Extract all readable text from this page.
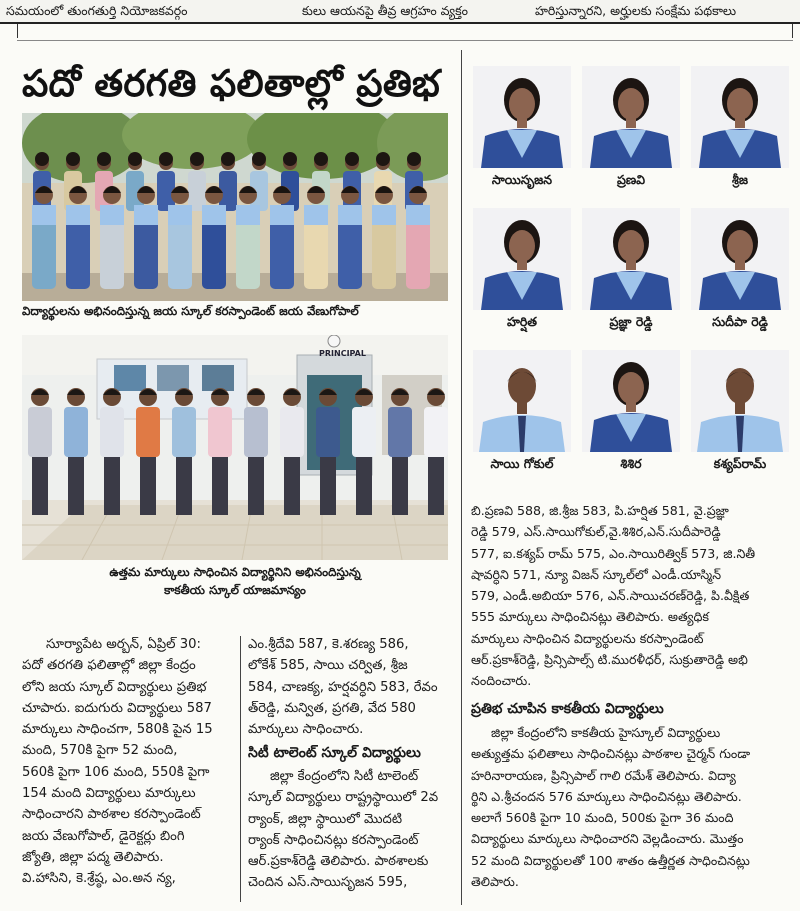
సమయంలో తుంగతుర్తి నియోజకవర్గం	కులు ఆయనపై తీవ్ర ఆగ్రహం వ్యక్తం	హరిస్తున్నారని, అర్హులకు సంక్షేమ పథకాలు
పదో తరగతి ఫలితాల్లో ప్రతిభ
విద్యార్థులను అభినందిస్తున్న జయ స్కూల్ కరస్పాండెంట్ జయ వేణుగోపాల్
PRINCIPAL
ఉత్తమ మార్కులు సాధించిన విద్యార్థినిని అభినందిస్తున్న
కాకతీయ స్కూల్ యాజమాన్యం
సూర్యాపేట అర్బన్, ఏప్రిల్ 30:
పదో తరగతి ఫలితాల్లో జిల్లా కేంద్రం
లోని జయ స్కూల్ విద్యార్థులు ప్రతిభ
చూపారు. ఐదుగురు విద్యార్థులు 587
మార్కులు సాధించగా, 580కి పైన 15
మంది, 570కి పైగా 52 మంది,
560కి పైగా 106 మంది, 550కి పైగా
154 మంది విద్యార్థులు మార్కులు
సాధించారని పాఠశాల కరస్పాండెంట్
జయ వేణుగోపాల్, డైరెక్టర్లు బింగి
జ్యోతి, జిల్లా పద్మ తెలిపారు.
వి.హాసిని, కె.శ్రేష్ఠ, ఎం.అన న్య,
ఎం.శ్రీదేవి 587, కె.శరణ్య 586,
లోకేశ్ 585, సాయి చర్విత, శ్రీజ
584, చాణక్య, హర్షవర్ధిని 583, రేవం
త్‌రెడ్డి, మన్విత, ప్రగతి, వేద 580
మార్కులు సాధించారు.
సిటీ టాలెంట్ స్కూల్ విద్యార్థులు
జిల్లా కేంద్రంలోని సిటీ టాలెంట్
స్కూల్ విద్యార్థులు రాష్ట్రస్థాయిలో 2వ
ర్యాంక్, జిల్లా స్థాయిలో మొదటి
ర్యాంక్ సాధించినట్లు కరస్పాండెంట్
ఆర్.ప్రకాశ్‌రెడ్డి తెలిపారు. పాఠశాలకు
చెందిన ఎస్.సాయిసృజన 595,
సాయిసృజన	ప్రణవి	శ్రీజ
హర్షిత	ప్రజ్ఞా రెడ్డి	సుదీపా రెడ్డి
సాయి గోకుల్	శిశిర	కశ్యప్‌రామ్
బి.ప్రణవి 588, జి.శ్రీజ 583, పి.హర్షిత 581, వై.ప్రజ్ఞా
రెడ్డి 579, ఎస్.సాయిగోకుల్,వై.శిశిర,ఎన్.సుదీపారెడ్డి
577, ఐ.కశ్యప్ రామ్ 575, ఎం.సాయిరిత్విక్ 573, జి.నితీ
షావర్ధిని 571, న్యూ విజన్ స్కూల్‌లో ఎండీ.యాస్మిన్
579, ఎండీ.అబియా 576, ఎన్.సాయిచరణ్‌రెడ్డి, పి.వీక్షిత
555 మార్కులు సాధించినట్లు తెలిపారు. అత్యధిక
మార్కులు సాధించిన విద్యార్థులను కరస్పాండెంట్
ఆర్.ప్రకాశ్‌రెడ్డి, ప్రిన్సిపాల్స్ టి.మురళీధర్, సుక్రుతారెడ్డి అభి
నందించారు.
ప్రతిభ చూపిన కాకతీయ విద్యార్థులు
జిల్లా కేంద్రంలోని కాకతీయ హైస్కూల్ విద్యార్థులు
అత్యుత్తమ ఫలితాలు సాధించినట్లు పాఠశాల చైర్మన్ గుండా
హరినారాయణ, ప్రిన్సిపాల్ గాలి రమేశ్ తెలిపారు. విద్యా
ర్థిని ఎ.శ్రీచందన 576 మార్కులు సాధించినట్లు తెలిపారు.
అలాగే 560కి పైగా 10 మంది, 500కు పైగా 36 మంది
విద్యార్థులు మార్కులు సాధించారని వెల్లడించారు. మొత్తం
52 మంది విద్యార్థులతో 100 శాతం ఉత్తీర్ణత సాధించినట్లు
తెలిపారు.
